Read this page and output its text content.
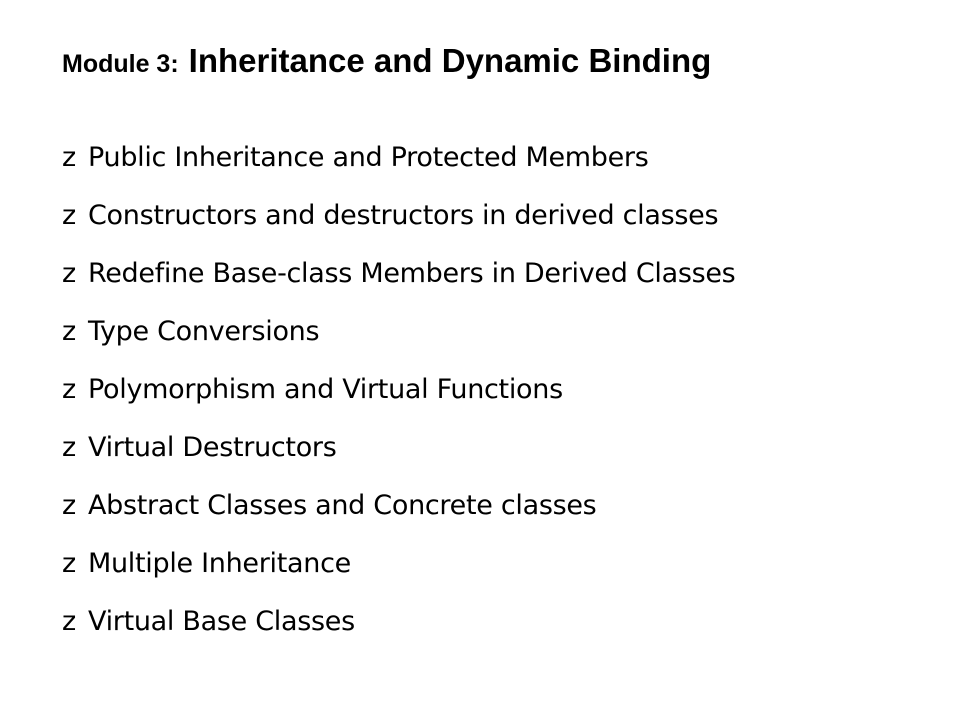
Module 3: Inheritance and Dynamic Binding
z Public Inheritance and Protected Members
z Constructors and destructors in derived classes
z Redefine Base-class Members in Derived Classes
z Type Conversions
z Polymorphism and Virtual Functions
z Virtual Destructors
z Abstract Classes and Concrete classes
z Multiple Inheritance
z Virtual Base Classes
